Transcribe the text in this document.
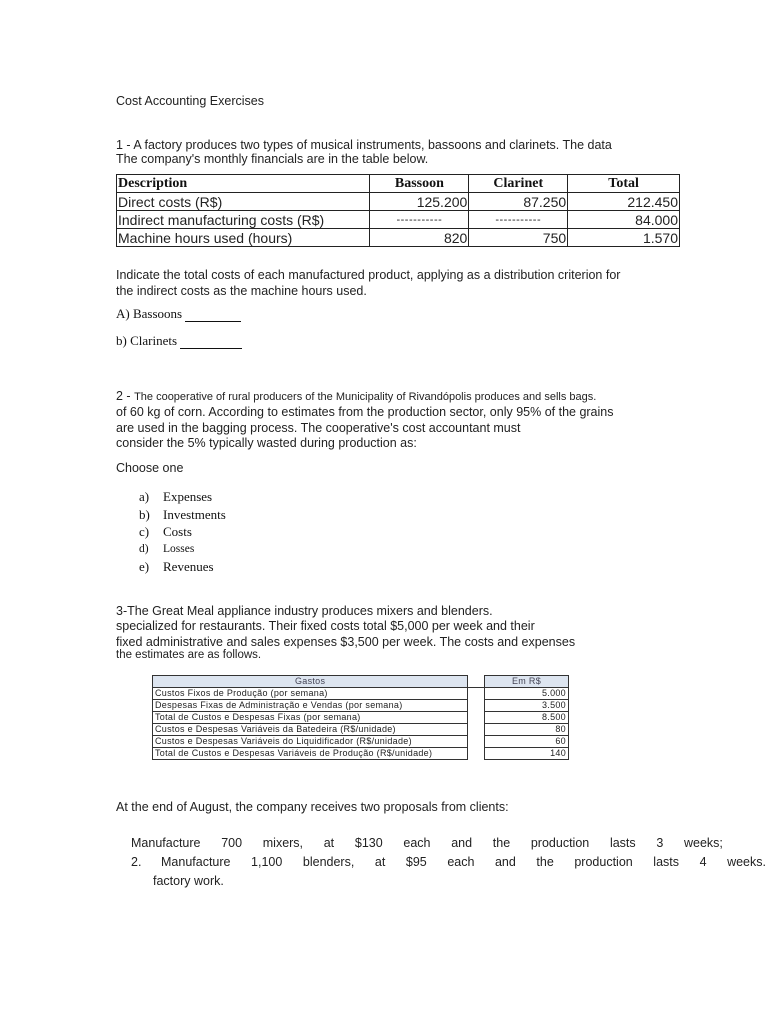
Cost Accounting Exercises
1 - A factory produces two types of musical instruments, bassoons and clarinets. The data
The company's monthly financials are in the table below.
Description	Bassoon	Clarinet	Total
Direct costs (R$)	125.200	87.250	212.450
Indirect manufacturing costs (R$)	-----------	-----------	84.000
Machine hours used (hours)	820	750	1.570
Indicate the total costs of each manufactured product, applying as a distribution criterion for
the indirect costs as the machine hours used.
A) Bassoons
b) Clarinets
2 - The cooperative of rural producers of the Municipality of Rivandópolis produces and sells bags.
of 60 kg of corn. According to estimates from the production sector, only 95% of the grains
are used in the bagging process. The cooperative's cost accountant must
consider the 5% typically wasted during production as:
Choose one
a) Expenses
b) Investments
c) Costs
d) Losses
e) Revenues
3-The Great Meal appliance industry produces mixers and blenders.
specialized for restaurants. Their fixed costs total $5,000 per week and their
fixed administrative and sales expenses $3,500 per week. The costs and expenses
the estimates are as follows.
Gastos		Em R$
Custos Fixos de Produção (por semana)		5.000
Despesas Fixas de Administração e Vendas (por semana)		3.500
Total de Custos e Despesas Fixas (por semana)		8.500
Custos e Despesas Variáveis da Batedeira (R$/unidade)		80
Custos e Despesas Variáveis do Liquidificador (R$/unidade)		60
Total de Custos e Despesas Variáveis de Produção (R$/unidade)		140
At the end of August, the company receives two proposals from clients:
Manufacture 700 mixers, at $130 each and the production lasts 3 weeks;
2. Manufacture 1,100 blenders, at $95 each and the production lasts 4 weeks.
factory work.
